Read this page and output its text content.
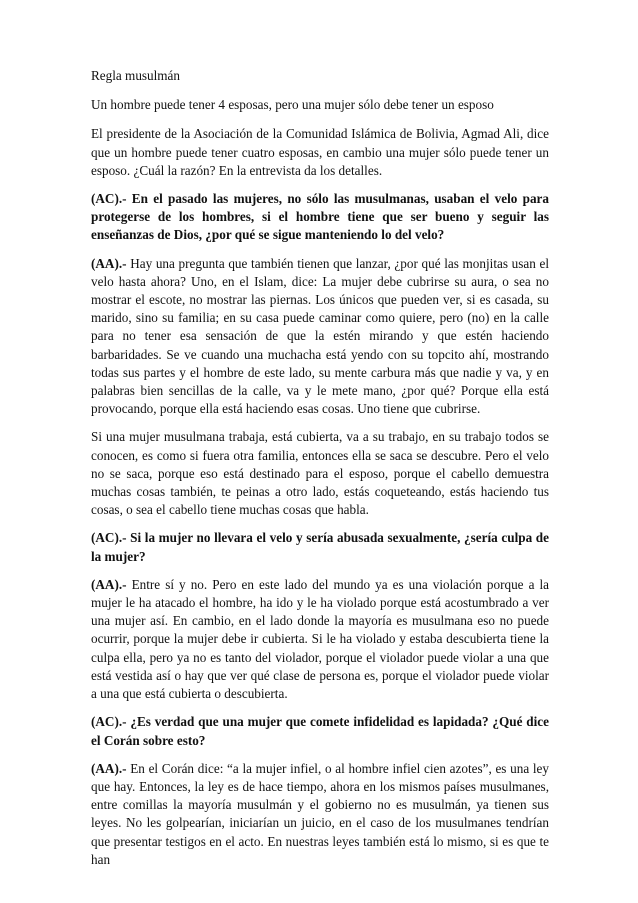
Regla musulmán

Un hombre puede tener 4 esposas, pero una mujer sólo debe tener un esposo

El presidente de la Asociación de la Comunidad Islámica de Bolivia, Agmad Ali, dice que un hombre puede tener cuatro esposas, en cambio una mujer sólo puede tener un esposo. ¿Cuál la razón? En la entrevista da los detalles.

(AC).- En el pasado las mujeres, no sólo las musulmanas, usaban el velo para protegerse de los hombres, si el hombre tiene que ser bueno y seguir las enseñanzas de Dios, ¿por qué se sigue manteniendo lo del velo?

(AA).- Hay una pregunta que también tienen que lanzar, ¿por qué las monjitas usan el velo hasta ahora? Uno, en el Islam, dice: La mujer debe cubrirse su aura, o sea no mostrar el escote, no mostrar las piernas. Los únicos que pueden ver, si es casada, su marido, sino su familia; en su casa puede caminar como quiere, pero (no) en la calle para no tener esa sensación de que la estén mirando y que estén haciendo barbaridades. Se ve cuando una muchacha está yendo con su topcito ahí, mostrando todas sus partes y el hombre de este lado, su mente carbura más que nadie y va, y en palabras bien sencillas de la calle, va y le mete mano, ¿por qué? Porque ella está provocando, porque ella está haciendo esas cosas. Uno tiene que cubrirse.

Si una mujer musulmana trabaja, está cubierta, va a su trabajo, en su trabajo todos se conocen, es como si fuera otra familia, entonces ella se saca se descubre. Pero el velo no se saca, porque eso está destinado para el esposo, porque el cabello demuestra muchas cosas también, te peinas a otro lado, estás coqueteando, estás haciendo tus cosas, o sea el cabello tiene muchas cosas que habla.

(AC).- Si la mujer no llevara el velo y sería abusada sexualmente, ¿sería culpa de la mujer?

(AA).- Entre sí y no. Pero en este lado del mundo ya es una violación porque a la mujer le ha atacado el hombre, ha ido y le ha violado porque está acostumbrado a ver una mujer así. En cambio, en el lado donde la mayoría es musulmana eso no puede ocurrir, porque la mujer debe ir cubierta. Si le ha violado y estaba descubierta tiene la culpa ella, pero ya no es tanto del violador, porque el violador puede violar a una que está vestida así o hay que ver qué clase de persona es, porque el violador puede violar a una que está cubierta o descubierta.

(AC).- ¿Es verdad que una mujer que comete infidelidad es lapidada? ¿Qué dice el Corán sobre esto?

(AA).- En el Corán dice: “a la mujer infiel, o al hombre infiel cien azotes”, es una ley que hay. Entonces, la ley es de hace tiempo, ahora en los mismos países musulmanes, entre comillas la mayoría musulmán y el gobierno no es musulmán, ya tienen sus leyes. No les golpearían, iniciarían un juicio, en el caso de los musulmanes tendrían que presentar testigos en el acto. En nuestras leyes también está lo mismo, si es que te han
